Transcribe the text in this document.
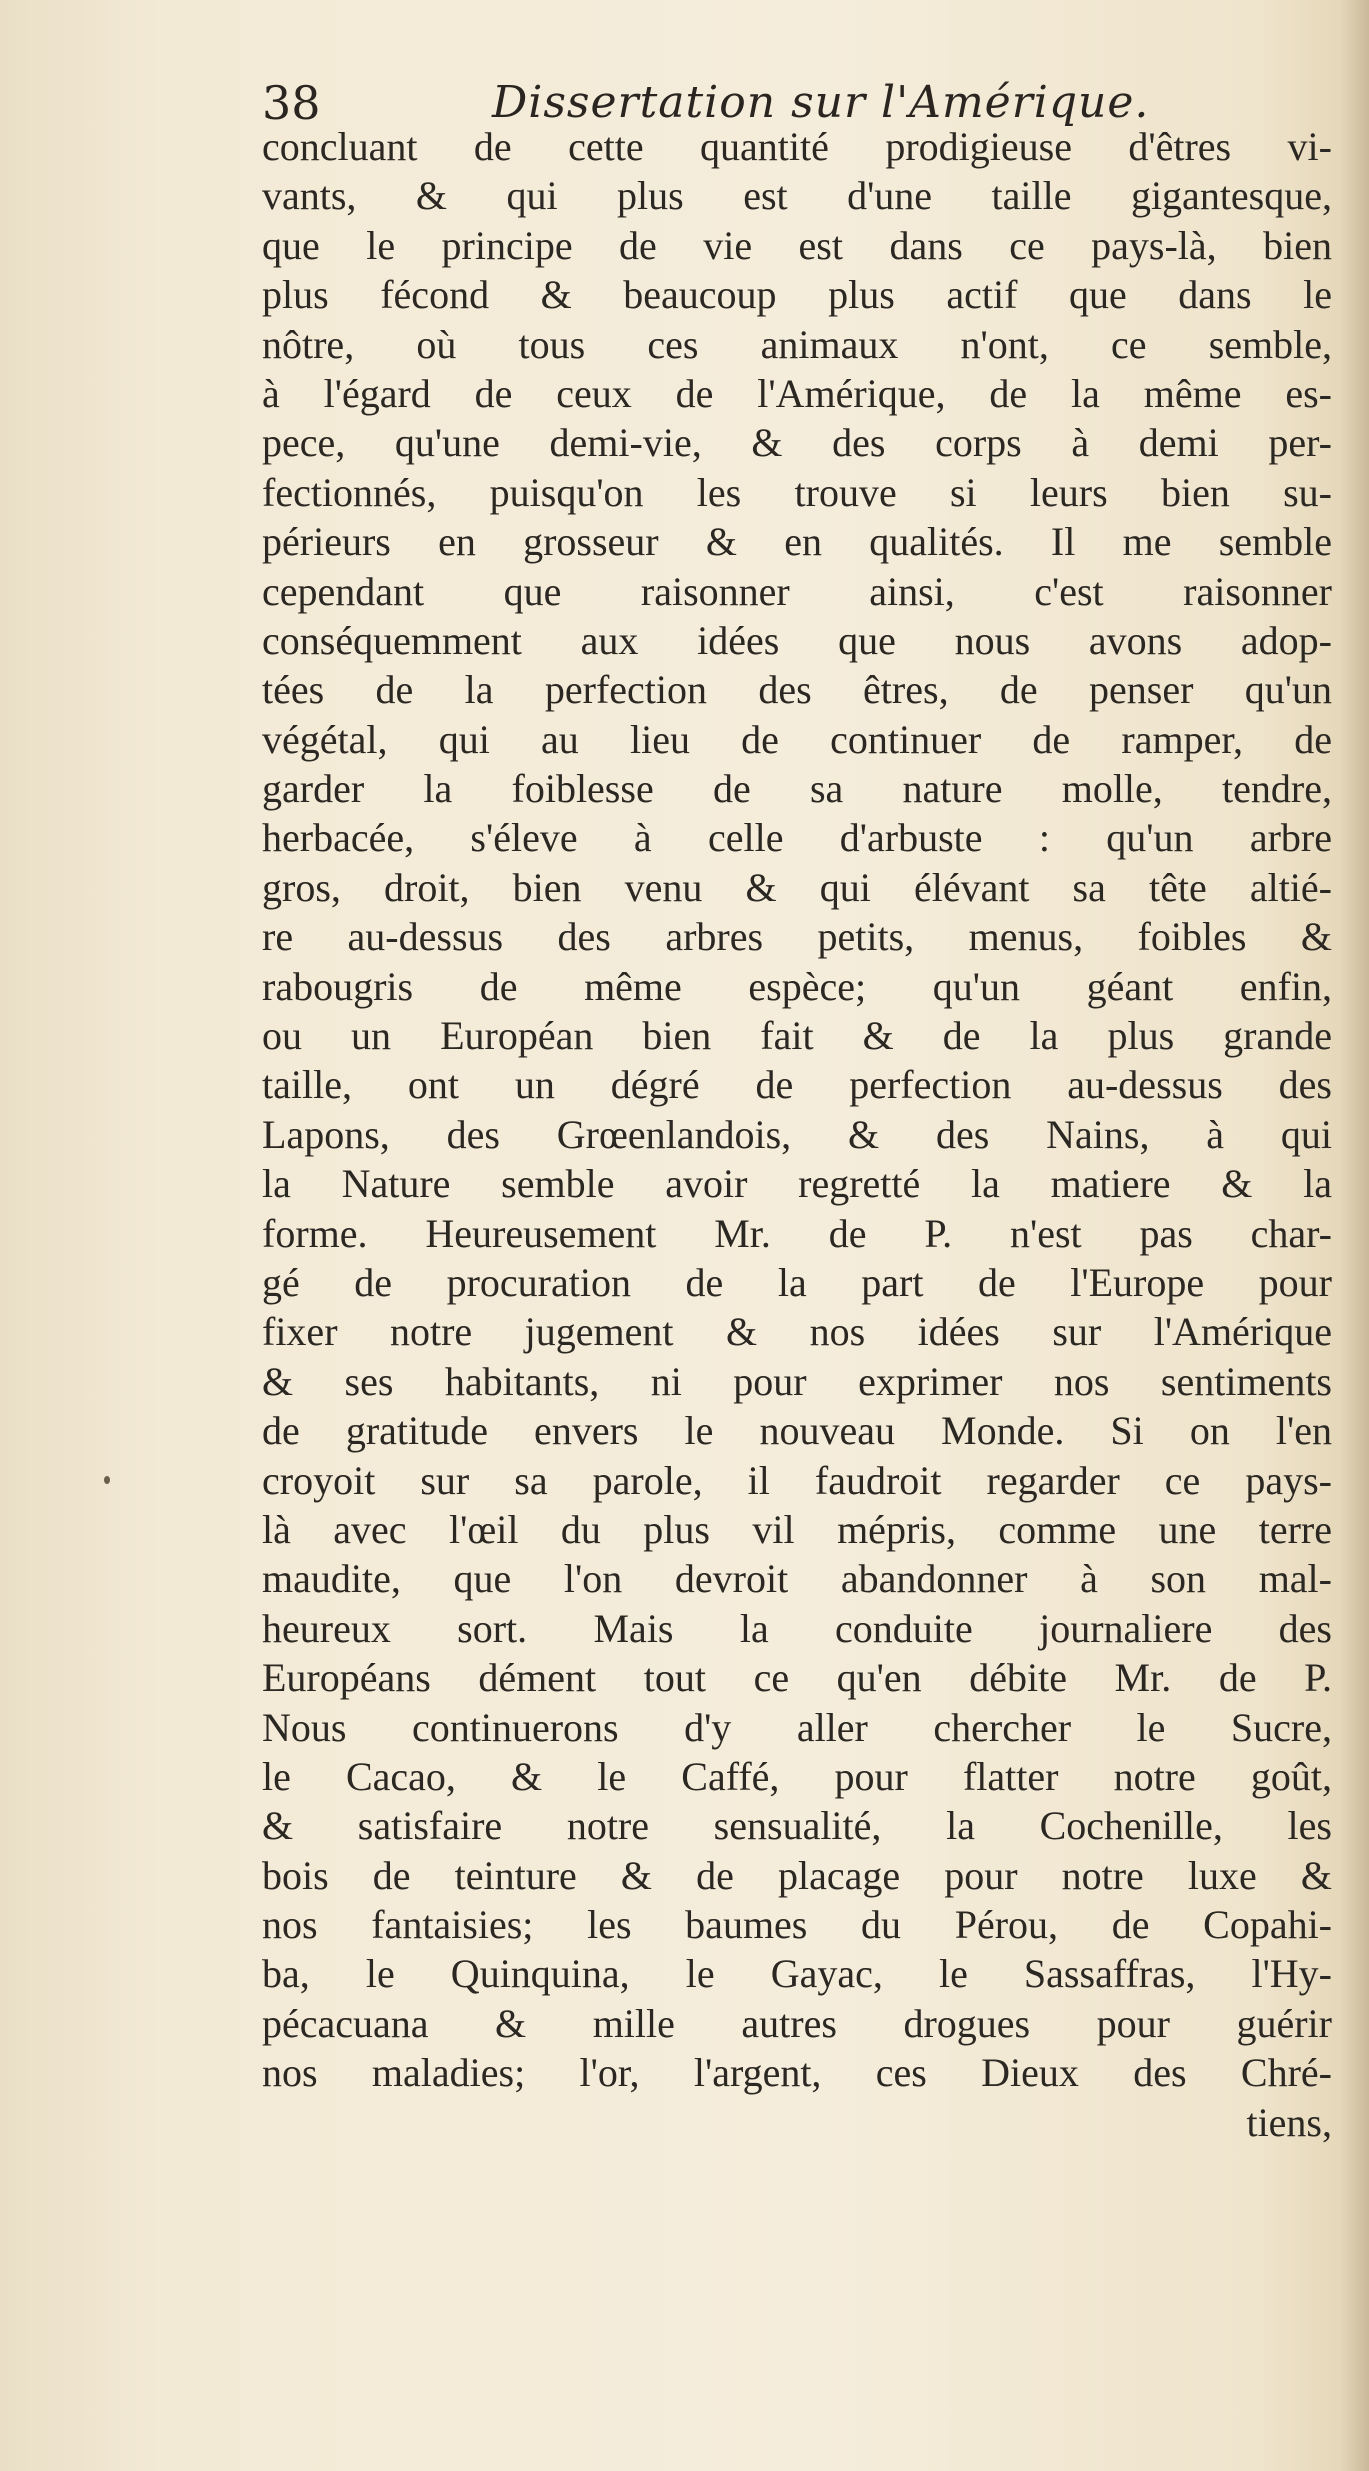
38	Dissertation sur l'Amérique.
concluant de cette quantité prodigieuse d'êtres vi-
vants, & qui plus est d'une taille gigantesque,
que le principe de vie est dans ce pays-là, bien
plus fécond & beaucoup plus actif que dans le
nôtre, où tous ces animaux n'ont, ce semble,
à l'égard de ceux de l'Amérique, de la même es-
pece, qu'une demi-vie, & des corps à demi per-
fectionnés, puisqu'on les trouve si leurs bien su-
périeurs en grosseur & en qualités. Il me semble
cependant que raisonner ainsi, c'est raisonner
conséquemment aux idées que nous avons adop-
tées de la perfection des êtres, de penser qu'un
végétal, qui au lieu de continuer de ramper, de
garder la foiblesse de sa nature molle, tendre,
herbacée, s'éleve à celle d'arbuste : qu'un arbre
gros, droit, bien venu & qui élévant sa tête altié-
re au-dessus des arbres petits, menus, foibles &
rabougris de même espèce; qu'un géant enfin,
ou un Européan bien fait & de la plus grande
taille, ont un dégré de perfection au-dessus des
Lapons, des Grœenlandois, & des Nains, à qui
la Nature semble avoir regretté la matiere & la
forme. Heureusement Mr. de P. n'est pas char-
gé de procuration de la part de l'Europe pour
fixer notre jugement & nos idées sur l'Amérique
& ses habitants, ni pour exprimer nos sentiments
de gratitude envers le nouveau Monde. Si on l'en
croyoit sur sa parole, il faudroit regarder ce pays-
là avec l'œil du plus vil mépris, comme une terre
maudite, que l'on devroit abandonner à son mal-
heureux sort. Mais la conduite journaliere des
Européans dément tout ce qu'en débite Mr. de P.
Nous continuerons d'y aller chercher le Sucre,
le Cacao, & le Caffé, pour flatter notre goût,
& satisfaire notre sensualité, la Cochenille, les
bois de teinture & de placage pour notre luxe &
nos fantaisies; les baumes du Pérou, de Copahi-
ba, le Quinquina, le Gayac, le Sassaffras, l'Hy-
pécacuana & mille autres drogues pour guérir
nos maladies; l'or, l'argent, ces Dieux des Chré-
tiens,
